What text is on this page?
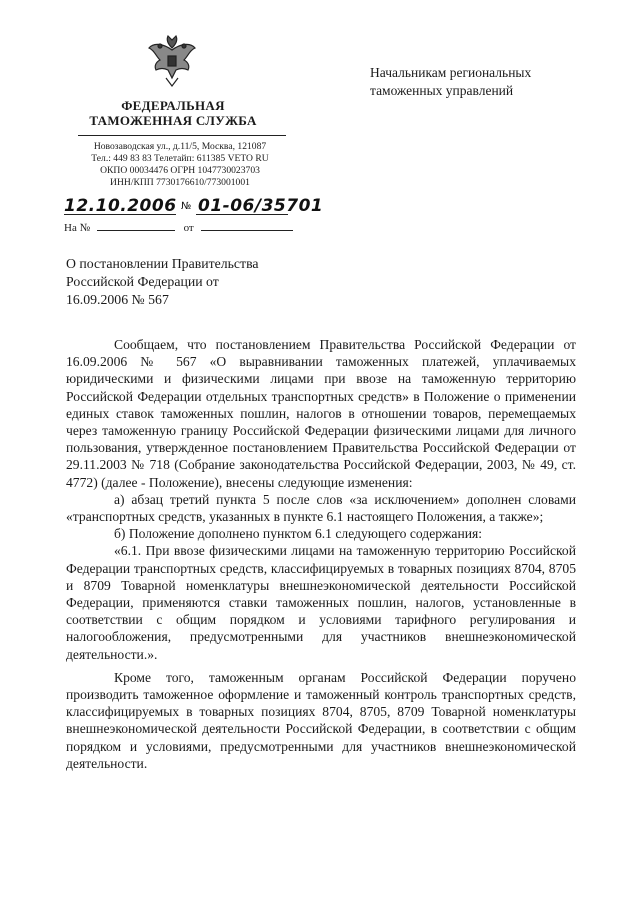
ФЕДЕРАЛЬНАЯ
ТАМОЖЕННАЯ СЛУЖБА
Новозаводская ул., д.11/5, Москва, 121087
Тел.: 449 83 83 Телетайп: 611385 VETO RU
ОКПО 00034476 ОГРН 1047730023703
ИНН/КПП 7730176610/773001001
12.10.2006 № 01-06/35701
На №	от
Начальникам региональных
таможенных управлений
О постановлении Правительства
Российской Федерации от
16.09.2006 № 567

Сообщаем, что постановлением Правительства Российской Федерации от 16.09.2006 № 567 «О выравнивании таможенных платежей, уплачиваемых юридическими и физическими лицами при ввозе на таможенную территорию Российской Федерации отдельных транспортных средств» в Положение о применении единых ставок таможенных пошлин, налогов в отношении товаров, перемещаемых через таможенную границу Российской Федерации физическими лицами для личного пользования, утвержденное постановлением Правительства Российской Федерации от 29.11.2003 № 718 (Собрание законодательства Российской Федерации, 2003, № 49, ст. 4772) (далее - Положение), внесены следующие изменения:

а) абзац третий пункта 5 после слов «за исключением» дополнен словами «транспортных средств, указанных в пункте 6.1 настоящего Положения, а также»;

б) Положение дополнено пунктом 6.1 следующего содержания:

«6.1. При ввозе физическими лицами на таможенную территорию Российской Федерации транспортных средств, классифицируемых в товарных позициях 8704, 8705 и 8709 Товарной номенклатуры внешнеэкономической деятельности Российской Федерации, применяются ставки таможенных пошлин, налогов, установленные в соответствии с общим порядком и условиями тарифного регулирования и налогообложения, предусмотренными для участников внешнеэкономической деятельности.».

Кроме того, таможенным органам Российской Федерации поручено производить таможенное оформление и таможенный контроль транспортных средств, классифицируемых в товарных позициях 8704, 8705, 8709 Товарной номенклатуры внешнеэкономической деятельности Российской Федерации, в соответствии с общим порядком и условиями, предусмотренными для участников внешнеэкономической деятельности.
